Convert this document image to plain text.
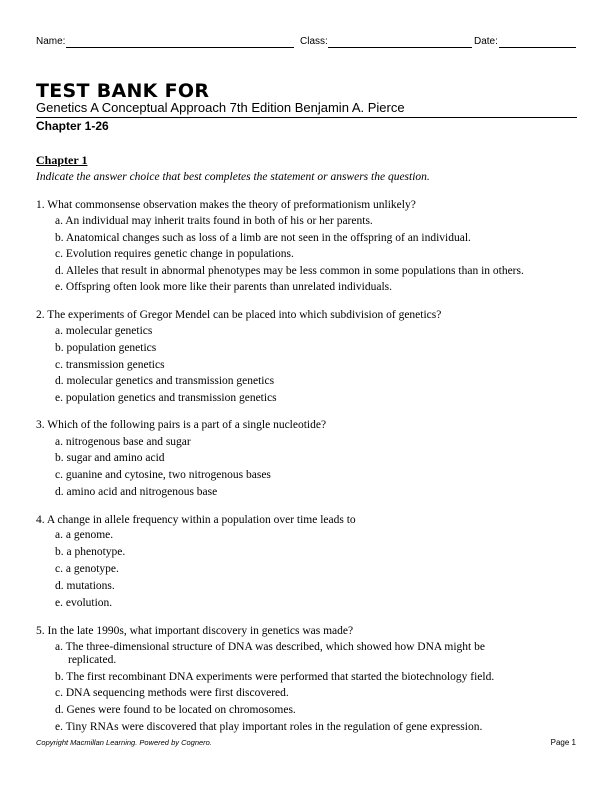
Name:	Class:	Date:
TEST BANK FOR
Genetics A Conceptual Approach 7th Edition Benjamin A. Pierce
Chapter 1-26
Chapter 1
Indicate the answer choice that best completes the statement or answers the question.
1. What commonsense observation makes the theory of preformationism unlikely?
a. An individual may inherit traits found in both of his or her parents.
b. Anatomical changes such as loss of a limb are not seen in the offspring of an individual.
c. Evolution requires genetic change in populations.
d. Alleles that result in abnormal phenotypes may be less common in some populations than in others.
e. Offspring often look more like their parents than unrelated individuals.
2. The experiments of Gregor Mendel can be placed into which subdivision of genetics?
a. molecular genetics
b. population genetics
c. transmission genetics
d. molecular genetics and transmission genetics
e. population genetics and transmission genetics
3. Which of the following pairs is a part of a single nucleotide?
a. nitrogenous base and sugar
b. sugar and amino acid
c. guanine and cytosine, two nitrogenous bases
d. amino acid and nitrogenous base
4. A change in allele frequency within a population over time leads to
a. a genome.
b. a phenotype.
c. a genotype.
d. mutations.
e. evolution.
5. In the late 1990s, what important discovery in genetics was made?
a. The three-dimensional structure of DNA was described, which showed how DNA might be
replicated.
b. The first recombinant DNA experiments were performed that started the biotechnology field.
c. DNA sequencing methods were first discovered.
d. Genes were found to be located on chromosomes.
e. Tiny RNAs were discovered that play important roles in the regulation of gene expression.
Copyright Macmillan Learning. Powered by Cognero.	Page 1
